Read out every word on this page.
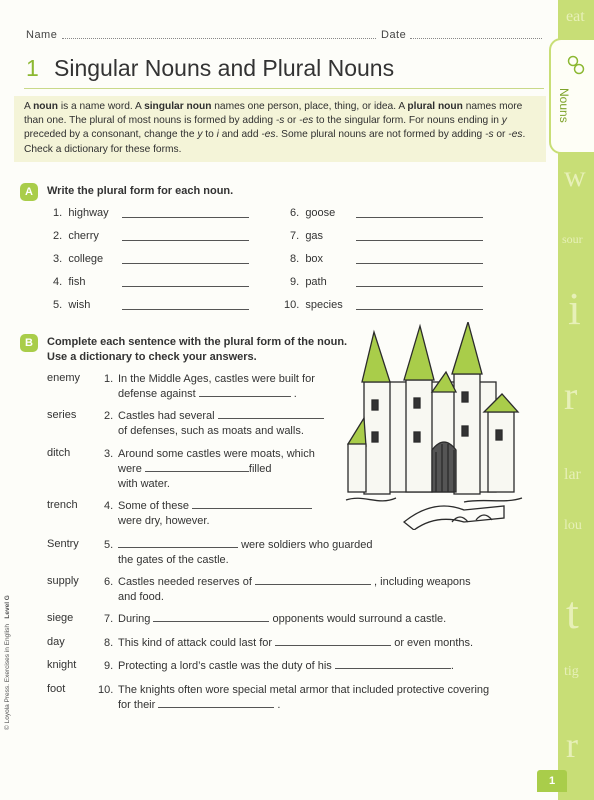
eat
w
sour
i
r
lar
lou
t
tig
r
Nouns
Name	Date
1 Singular Nouns and Plural Nouns

A noun is a name word. A singular noun names one person, place, thing, or idea. A plural noun names more than one. The plural of most nouns is formed by adding -s or -es to the singular form. For nouns ending in y preceded by a consonant, change the y to i and add -es. Some plural nouns are not formed by adding -s or -es. Check a dictionary for these forms.

A	Write the plural form for each noun.
1. highway
2. cherry
3. college
4. fish
5. wish
6. goose
7. gas
8. box
9. path
10. species
B	Complete each sentence with the plural form of the noun.
Use a dictionary to check your answers.
enemy 1. In the Middle Ages, castles were built for
defense against	.
series	2. Castles had several
of defenses, such as moats and walls.
ditch	3. Around some castles were moats, which
were	filled
with water.
trench 4. Some of these
were dry, however.
Sentry 5.	were soldiers who guarded
the gates of the castle.
supply 6. Castles needed reserves of	, including weapons
and food.
siege	7. During	opponents would surround a castle.
day	8. This kind of attack could last for	or even months.
knight	9. Protecting a lord’s castle was the duty of his	.
foot	10. The knights often wore special metal armor that included protective covering
for their	.
© Loyola Press. Exercises in English   Level G
1
